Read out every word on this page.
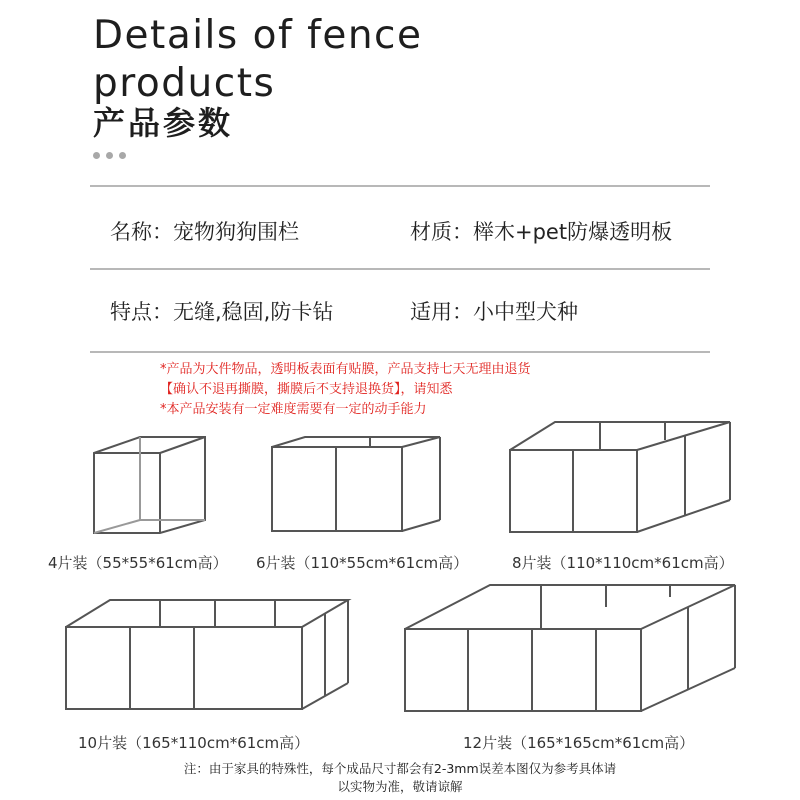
Details of fence products
产品参数
名称：宠物狗狗围栏	材质：榉木+pet防爆透明板
特点：无缝,稳固,防卡钻	适用：小中型犬种
*产品为大件物品，透明板表面有贴膜，产品支持七天无理由退货
【确认不退再撕膜，撕膜后不支持退换货】，请知悉
*本产品安装有一定难度需要有一定的动手能力
4片装（55*55*61cm高） 6片装（110*55cm*61cm高）	8片装（110*110cm*61cm高）
10片装（165*110cm*61cm高）	12片装（165*165cm*61cm高）
注：由于家具的特殊性，每个成品尺寸都会有2-3mm误差本图仅为参考具体请
以实物为准，敬请谅解
